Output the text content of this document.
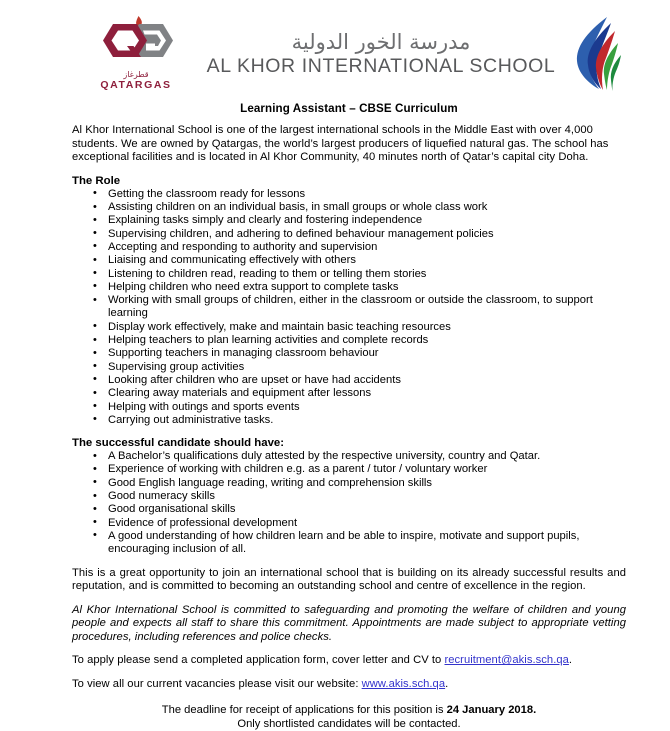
قطرغاز
QATARGAS
مدرسة الخور الدولية
AL KHOR INTERNATIONAL SCHOOL
Learning Assistant – CBSE Curriculum

Al Khor International School is one of the largest international schools in the Middle East with over 4,000 students. We are owned by Qatargas, the world’s largest producers of liquefied natural gas. The school has exceptional facilities and is located in Al Khor Community, 40 minutes north of Qatar’s capital city Doha.

The Role
• Getting the classroom ready for lessons
• Assisting children on an individual basis, in small groups or whole class work
• Explaining tasks simply and clearly and fostering independence
• Supervising children, and adhering to defined behaviour management policies
• Accepting and responding to authority and supervision
• Liaising and communicating effectively with others
• Listening to children read, reading to them or telling them stories
• Helping children who need extra support to complete tasks
• Working with small groups of children, either in the classroom or outside the classroom, to support learning
• Display work effectively, make and maintain basic teaching resources
• Helping teachers to plan learning activities and complete records
• Supporting teachers in managing classroom behaviour
• Supervising group activities
• Looking after children who are upset or have had accidents
• Clearing away materials and equipment after lessons
• Helping with outings and sports events
• Carrying out administrative tasks.
The successful candidate should have:
• A Bachelor’s qualifications duly attested by the respective university, country and Qatar.
• Experience of working with children e.g. as a parent / tutor / voluntary worker
• Good English language reading, writing and comprehension skills
• Good numeracy skills
• Good organisational skills
• Evidence of professional development
• A good understanding of how children learn and be able to inspire, motivate and support pupils, encouraging inclusion of all.

This is a great opportunity to join an international school that is building on its already successful results and reputation, and is committed to becoming an outstanding school and centre of excellence in the region.

Al Khor International School is committed to safeguarding and promoting the welfare of children and young people and expects all staff to share this commitment. Appointments are made subject to appropriate vetting procedures, including references and police checks.

To apply please send a completed application form, cover letter and CV to recruitment@akis.sch.qa.

To view all our current vacancies please visit our website: www.akis.sch.qa.

The deadline for receipt of applications for this position is 24 January 2018.
Only shortlisted candidates will be contacted.
